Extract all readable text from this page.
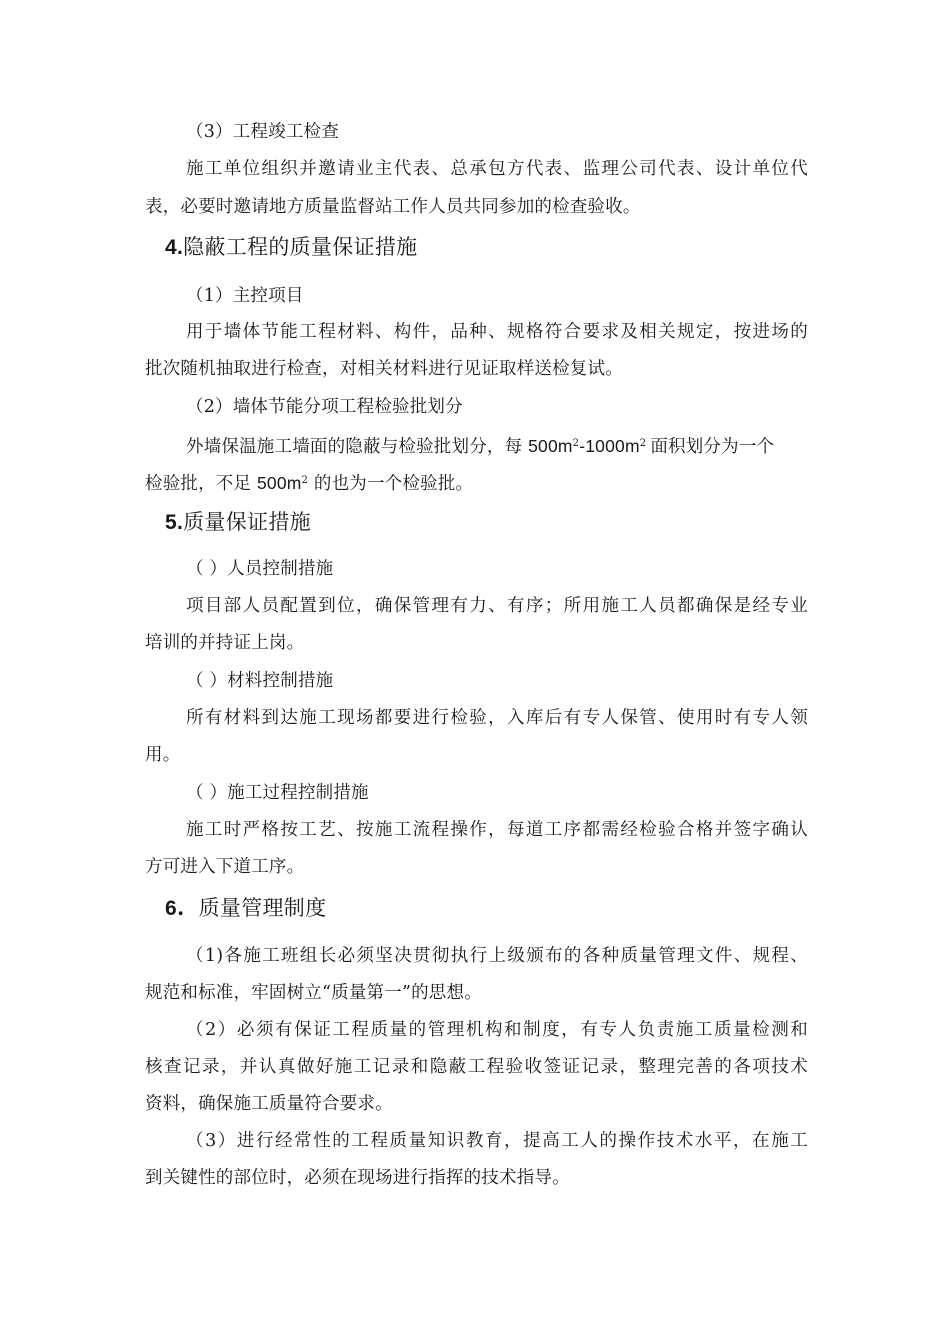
（3）工程竣工检查
施工单位组织并邀请业主代表、总承包方代表、监理公司代表、设计单位代
表，必要时邀请地方质量监督站工作人员共同参加的检查验收。
4.隐蔽工程的质量保证措施
（1）主控项目
用于墙体节能工程材料、构件，品种、规格符合要求及相关规定，按进场的
批次随机抽取进行检查，对相关材料进行见证取样送检复试。
（2）墙体节能分项工程检验批划分
外墙保温施工墙面的隐蔽与检验批划分，每 $500m^2-1000m^2$ 面积划分为一个
检验批，不足 $500m^2$ 的也为一个检验批。
5.质量保证措施
（ ）人员控制措施
项目部人员配置到位，确保管理有力、有序；所用施工人员都确保是经专业
培训的并持证上岗。
（ ）材料控制措施
所有材料到达施工现场都要进行检验，入库后有专人保管、使用时有专人领
用。
（ ）施工过程控制措施
施工时严格按工艺、按施工流程操作，每道工序都需经检验合格并签字确认
方可进入下道工序。
6. 质量管理制度
（1)各施工班组长必须坚决贯彻执行上级颁布的各种质量管理文件、规程、
规范和标准，牢固树立“质量第一”的思想。
（2）必须有保证工程质量的管理机构和制度，有专人负责施工质量检测和
核查记录，并认真做好施工记录和隐蔽工程验收签证记录，整理完善的各项技术
资料，确保施工质量符合要求。
（3）进行经常性的工程质量知识教育，提高工人的操作技术水平，在施工
到关键性的部位时，必须在现场进行指挥的技术指导。
